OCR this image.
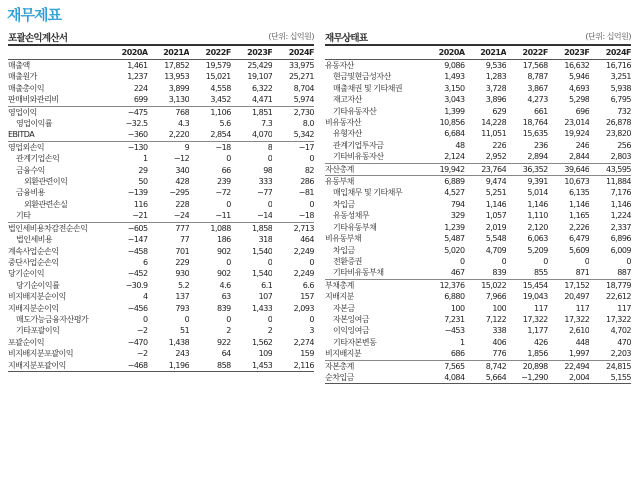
재무제표
포괄손익계산서	(단위: 십억원)
	2020A	2021A	2022F	2023F	2024F
매출액	1,461	17,852	19,579	25,429	33,975
매출원가	1,237	13,953	15,021	19,107	25,271
매출총이익	224	3,899	4,558	6,322	8,704
판매비와관리비	699	3,130	3,452	4,471	5,974
영업이익	−475	768	1,106	1,851	2,730
영업이익률	−32.5	4.3	5.6	7.3	8.0
EBITDA	−360	2,220	2,854	4,070	5,342
영업외손익	−130	9	−18	8	−17
관계기업손익	1	−12	0	0	0
금융수익	29	340	66	98	82
외환관련이익	50	428	239	333	286
금융비용	−139	−295	−72	−77	−81
외환관련손실	116	228	0	0	0
기타	−21	−24	−11	−14	−18
법인세비용차감전순손익	−605	777	1,088	1,858	2,713
법인세비용	−147	77	186	318	464
계속사업순손익	−458	701	902	1,540	2,249
중단사업순손익	6	229	0	0	0
당기순이익	−452	930	902	1,540	2,249
당기순이익률	−30.9	5.2	4.6	6.1	6.6
비지배지분순이익	4	137	63	107	157
지배지분순이익	−456	793	839	1,433	2,093
매도가능금융자산평가	0	0	0	0	0
기타포괄이익	−2	51	2	2	3
포괄순이익	−470	1,438	922	1,562	2,274
비지배지분포괄이익	−2	243	64	109	159
지배지분포괄이익	−468	1,196	858	1,453	2,116
재무상태표	(단위: 십억원)
	2020A	2021A	2022F	2023F	2024F
유동자산	9,086	9,536	17,568	16,632	16,716
현금및현금성자산	1,493	1,283	8,787	5,946	3,251
매출채권 및 기타채권	3,150	3,728	3,867	4,693	5,938
재고자산	3,043	3,896	4,273	5,298	6,795
기타유동자산	1,399	629	661	696	732
비유동자산	10,856	14,228	18,764	23,014	26,878
유형자산	6,684	11,051	15,635	19,924	23,820
관계기업투자금	48	226	236	246	256
기타비유동자산	2,124	2,952	2,894	2,844	2,803
자산총계	19,942	23,764	36,352	39,646	43,595
유동부채	6,889	9,474	9,391	10,673	11,884
매입채무 및 기타채무	4,527	5,251	5,014	6,135	7,176
차입금	794	1,146	1,146	1,146	1,146
유동성채무	329	1,057	1,110	1,165	1,224
기타유동부채	1,239	2,019	2,120	2,226	2,337
비유동부채	5,487	5,548	6,063	6,479	6,896
차입금	5,020	4,709	5,209	5,609	6,009
전환증권	0	0	0	0	0
기타비유동부채	467	839	855	871	887
부채총계	12,376	15,022	15,454	17,152	18,779
지배지분	6,880	7,966	19,043	20,497	22,612
자본금	100	100	117	117	117
자본잉여금	7,231	7,122	17,322	17,322	17,322
이익잉여금	−453	338	1,177	2,610	4,702
기타자본변동	1	406	426	448	470
비지배지분	686	776	1,856	1,997	2,203
자본총계	7,565	8,742	20,898	22,494	24,815
순차입금	4,084	5,664	−1,290	2,004	5,155
